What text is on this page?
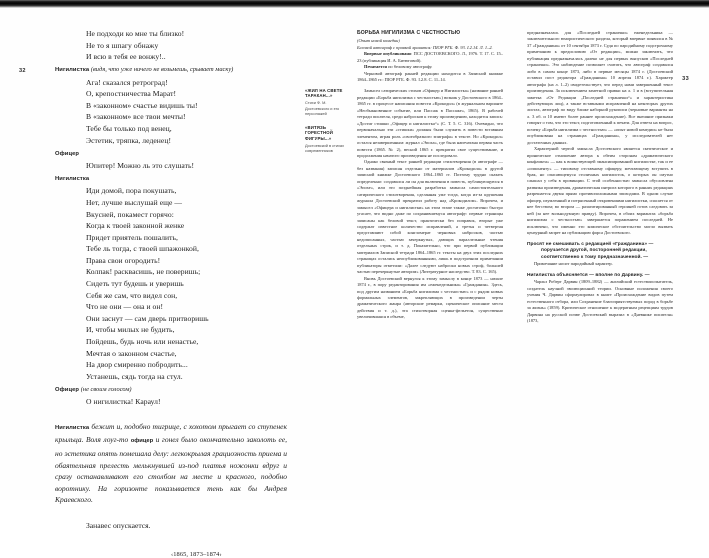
32
Не подходи ко мне ты близко!
Не то я шпагу обнажу
И всю в тебя ее вонжу!..
Нигилистка (видя, что уже ничего не возьмешь, срывает маску)
Ага! сказался ретроград!
О, крепостничества Марат!
В «законном» счастье видишь ты!
В «законном» все твои мечты!
Тебе бы только под венец,
Эстетик, тряпка, леденец!
Офицер
Юпитер! Можно ль это слушать!
Нигилистка
Иди домой, пора покушать,
Нет, лучше выслушай еще —
Вкусней, покамест горячо:
Когда к твоей законной женке
Придет приятель пошалить,
Тебе ль тогда, с твоей шпажонкой,
Права свои огородить!
Колпак! расквасишь, не поверишь;
Сидеть тут будешь и уверишь
Себя же сам, что видел сон,
Что не они — она и он!
Они заснут — сам дверь притворишь
И, чтобы милых не будить,
Пойдешь, будь ночь или ненастье,
Мечтая о законном счастье,
На двор смиренно побродить...
Устанешь, сядь тогда на стул.
Офицер (не своим голосом)
О нигилистка! Караул!
Нигилистка бежит и, подобно тигрице, с хохотом прыгает со ступенек крыльца. Воля лоуг-то офицер и гонел было окончательно заколоть ее, но эстетика опять помешала делу: легкокрылая грациозность приема и обаятельная прелесть мелькнувшей из-под платья ножонки вдруг и сразу останавливают его столбом на месте и красного, подобно воротнику. На горизонте показывается тень как бы Андрея Краевского.
Занавес опускается.
‹1865, 1873–1874›
«ЖИЛ НА СВЕТЕ ТАРАКАН...»
Стихи Ф. М. Достоевского и его персонажей
«ВИТЯЗЬ ГОРЕСТНОЙ ФИГУРЫ...»
Достоевский в стихах современников
33
БОРЬБА НИГИЛИЗМА С ЧЕСТНОСТЬЮ
(Опыт новой комедии)
Беловой автограф с правкой хранится: ПІОР РГБ. Ф. 93. І.2.14. Л. 1–2.

Впервые опубликовано: ПСС ДОСТОЕВСКОГО. Л., 1976. Т. 17. С. 15–23 (публикация И. А. Битюговой).

Печатается по беловому автографу.

Черновой автограф ранней редакции находится в Записной книжке 1864–1865 гг.: ПІОР РГБ. Ф. 93. I.2.8. С. 11–14.

Замысел сатирических стихов «Офицер и Нигилистка» (название ранней редакции «Борьба нигилизма с честностью») возник у Достоевского в 1864–1865 гг. в процессе написания повести «Крокодил» (в журнальном варианте «Необыкновенное событие, или Пассаж в Пассаже», 1865). В рабочей тетради писателя, среди набросков к этому произведению, находится запись: «Достиг стишки „Офицер и нигилистка“» (С. Т. 5. С. 316). Очевидно, что первоначально эти «стишки» должны были служить в повести вставным элементом, играя роль «своеобразного эпиграфа» в тексте. Но «Крокодил» остался незавершенным: журнал «Эпоха», где была напечатана первая часть повести (1865. № 2), весной 1865 г. прекратил свое существование, и продолжения начатого произведения не последовало.

Однако связный текст ранней редакции стихотворения (в автографе — без названия) записан отдельно от материалов «Крокодила» в другой записной книжке Достоевского 1864–1865 гг. Поэтому трудно сказать определенно: создавался ли он для включения в повесть, публикующуюся в «Эпохе», или это позднейшая разработка замысла самостоятельного сатирического стихотворения, сделанная уже тогда, когда из-за крушения журнала Достоевский прекратил работу над «Крокодилом». Впрочем, и замысел «Офицера и нигилистки» на этом этапе также достаточно быстро угасает, что видно даже по сохранившемуся автографу: первые страницы записаны как беловой текст, практически без поправок, вторые уже содержат известное количество исправлений, а третья и четвертая представляют собой конгломерат черновых набросков, частью недописанных, частью зачеркнутых, дающих параллельные чтения отдельных строк, и т. д. Показательно, что при первой публикации материалов Записной тетради 1864–1865 гг. тексты на двух этих последних страницах остались неопубликованными, лишь в подстрочном примечании публикаторы отметили: «Далее следуют наброски новых строф, большей частью перечеркнутые автором» (Литературное наследство. Т. 83. С. 165).

Вновь Достоевский вернулся к этому замыслу в конце 1873 — начале 1874 г., в пору редактирования им «еженедельника» «Гражданин». Здесь, под другим названием «Борьба нигилизма с честностью» и с рядом новых формальных элементов, закрепляющих в произведении черты драматического жанра (авторские ремарки, сценическое описание места действия и т. д.), эта стихотворная сценка-фельетон, существенно увеличившаяся в объеме,

предназначалась для «Последней странички» еженедельника — заключительного юмористического раздела, который впервые появился в № 37 «Гражданина» от 10 сентября 1873 г. Судя по пародийному подстрочному примечанию к предисловию «От редакции», можно заключить, что публикация предназначалась далеко не для первых выпусков «Последней странички». Это наблюдение позволяет считать, что автограф создавался либо в самом конце 1873, либо в первые месяцы 1874 г. (Достоевский оставил пост редактора «Гражданина» 10 апреля 1874 г.). Характер автографа (на л. 1–2) свидетельствует, что перед нами завершенный текст произведения. За исключением заметной правки на л. 1 и в (вступительная заметка «От Редакции „Последней странички“» и характеристика действующих лиц), а также вставными исправлений на некоторых других листах, автограф по виду ближе наборной рукописи (черновые варианты на л. 3 об. и 10 имеют более раннее происхождение). Все внешние признаки говорят о том, что это текст, подготовленный к печати. Для ответа на вопрос, почему «Борьба нигилизма с честностью» — «опыт новой комедии» не была опубликована на страницах «Гражданина», у исследователей нет достаточных данных.

Характерной чертой замысла Достоевского является скептическое и ироническое отношение автора к обеим сторонам «драматического конфликта» — как к воинствующей эмансипированной нигилистке, так и ее «оппоненту» — типовому отставному офицеру, мечтающему вступить в брак, но опасающемуся столичных нигилисток, о которых он смутно слышал у себя в провинции. С этой особенностью замысла обусловлена развязка произведения, драматическая интрига которого в ранних редакциях разрешается двумя прямо противоположными эпизодами. В одном случае офицер, изумленный и потрясенный откровениями нигилистки, спасается от нее бегством; во втором — разагитированный героиней готов следовать за ней (за нее вольнодумную правду). Впрочем, в обоих вариантах «борьба нигилизма с честностью» завершается поражением последней. Не исключено, что именно это комическое обстоятельство могло вызвать цензурный запрет на публикацию фарса Достоевского.

Просят не смешивать с редакцией «Гражданина» —
поручается другой, посторонней редакции,
соответственно к тому предназначенной. —
Примечание носит пародийный характер.
Нигилистка объясняется — вполне по Дарвину. —
Чарльз Роберт Дарвин (1809–1882) — английский естествоиспытатель, создатель научной эволюционной теории. Основные положения своего учения Ч. Дарвин сформулировал в книге «Происхождение видов путем естественного отбора, или Сохранение благоприятствуемых пород в борьбе за жизнь» (1859). Критическое отношение к модератным рецепциям трудов Дарвина на русской почве Достоевский выразил в «Дневнике писателя» (1873,
